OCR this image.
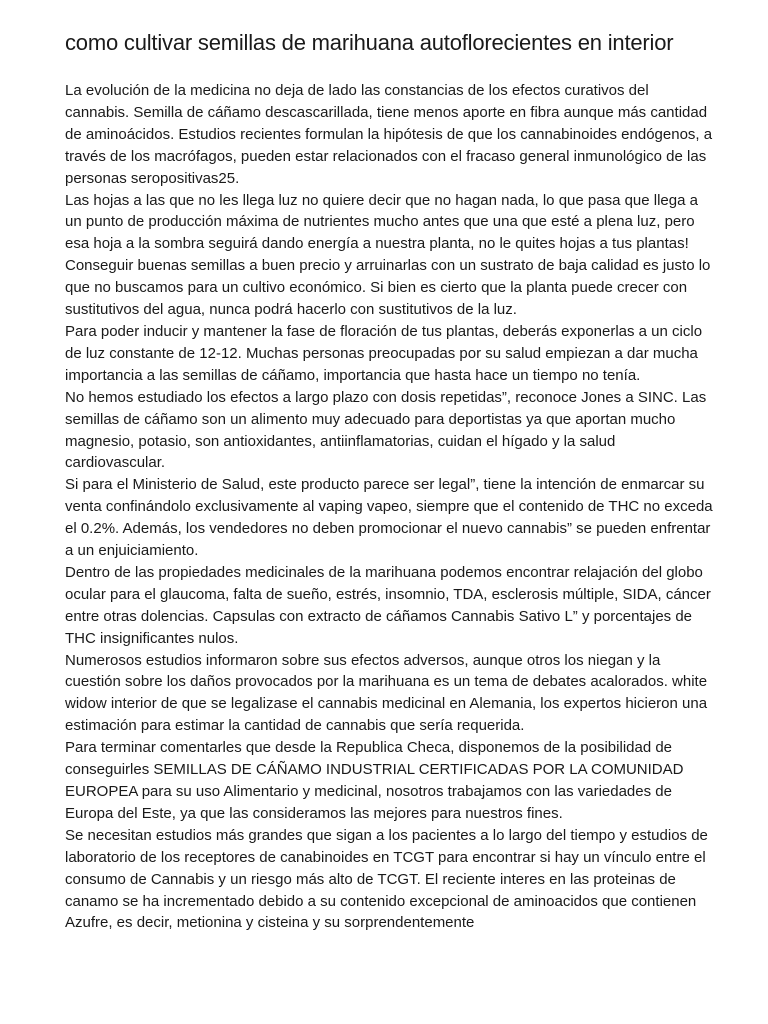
como cultivar semillas de marihuana autoflorecientes en interior

La evolución de la medicina no deja de lado las constancias de los efectos curativos del cannabis. Semilla de cáñamo descascarillada, tiene menos aporte en fibra aunque más cantidad de aminoácidos. Estudios recientes formulan la hipótesis de que los cannabinoides endógenos, a través de los macrófagos, pueden estar relacionados con el fracaso general inmunológico de las personas seropositivas25.

Las hojas a las que no les llega luz no quiere decir que no hagan nada, lo que pasa que llega a un punto de producción máxima de nutrientes mucho antes que una que esté a plena luz, pero esa hoja a la sombra seguirá dando energía a nuestra planta, no le quites hojas a tus plantas!

Conseguir buenas semillas a buen precio y arruinarlas con un sustrato de baja calidad es justo lo que no buscamos para un cultivo económico. Si bien es cierto que la planta puede crecer con sustitutivos del agua, nunca podrá hacerlo con sustitutivos de la luz.

Para poder inducir y mantener la fase de floración de tus plantas, deberás exponerlas a un ciclo de luz constante de 12-12. Muchas personas preocupadas por su salud empiezan a dar mucha importancia a las semillas de cáñamo, importancia que hasta hace un tiempo no tenía.

No hemos estudiado los efectos a largo plazo con dosis repetidas”, reconoce Jones a SINC. Las semillas de cáñamo son un alimento muy adecuado para deportistas ya que aportan mucho magnesio, potasio, son antioxidantes, antiinflamatorias, cuidan el hígado y la salud cardiovascular.

Si para el Ministerio de Salud, este producto parece ser legal”, tiene la intención de enmarcar su venta confinándolo exclusivamente al vaping vapeo, siempre que el contenido de THC no exceda el 0.2%. Además, los vendedores no deben promocionar el nuevo cannabis” se pueden enfrentar a un enjuiciamiento.

Dentro de las propiedades medicinales de la marihuana podemos encontrar relajación del globo ocular para el glaucoma, falta de sueño, estrés, insomnio, TDA, esclerosis múltiple, SIDA, cáncer entre otras dolencias. Capsulas con extracto de cáñamos Cannabis Sativo L” y porcentajes de THC insignificantes nulos.

Numerosos estudios informaron sobre sus efectos adversos, aunque otros los niegan y la cuestión sobre los daños provocados por la marihuana es un tema de debates acalorados. white widow interior de que se legalizase el cannabis medicinal en Alemania, los expertos hicieron una estimación para estimar la cantidad de cannabis que sería requerida.

Para terminar comentarles que desde la Republica Checa, disponemos de la posibilidad de conseguirles SEMILLAS DE CÁÑAMO INDUSTRIAL CERTIFICADAS POR LA COMUNIDAD EUROPEA para su uso Alimentario y medicinal, nosotros trabajamos con las variedades de Europa del Este, ya que las consideramos las mejores para nuestros fines.

Se necesitan estudios más grandes que sigan a los pacientes a lo largo del tiempo y estudios de laboratorio de los receptores de canabinoides en TCGT para encontrar si hay un vínculo entre el consumo de Cannabis y un riesgo más alto de TCGT. El reciente interes en las proteinas de canamo se ha incrementado debido a su contenido excepcional de aminoacidos que contienen Azufre, es decir, metionina y cisteina y su sorprendentemente
